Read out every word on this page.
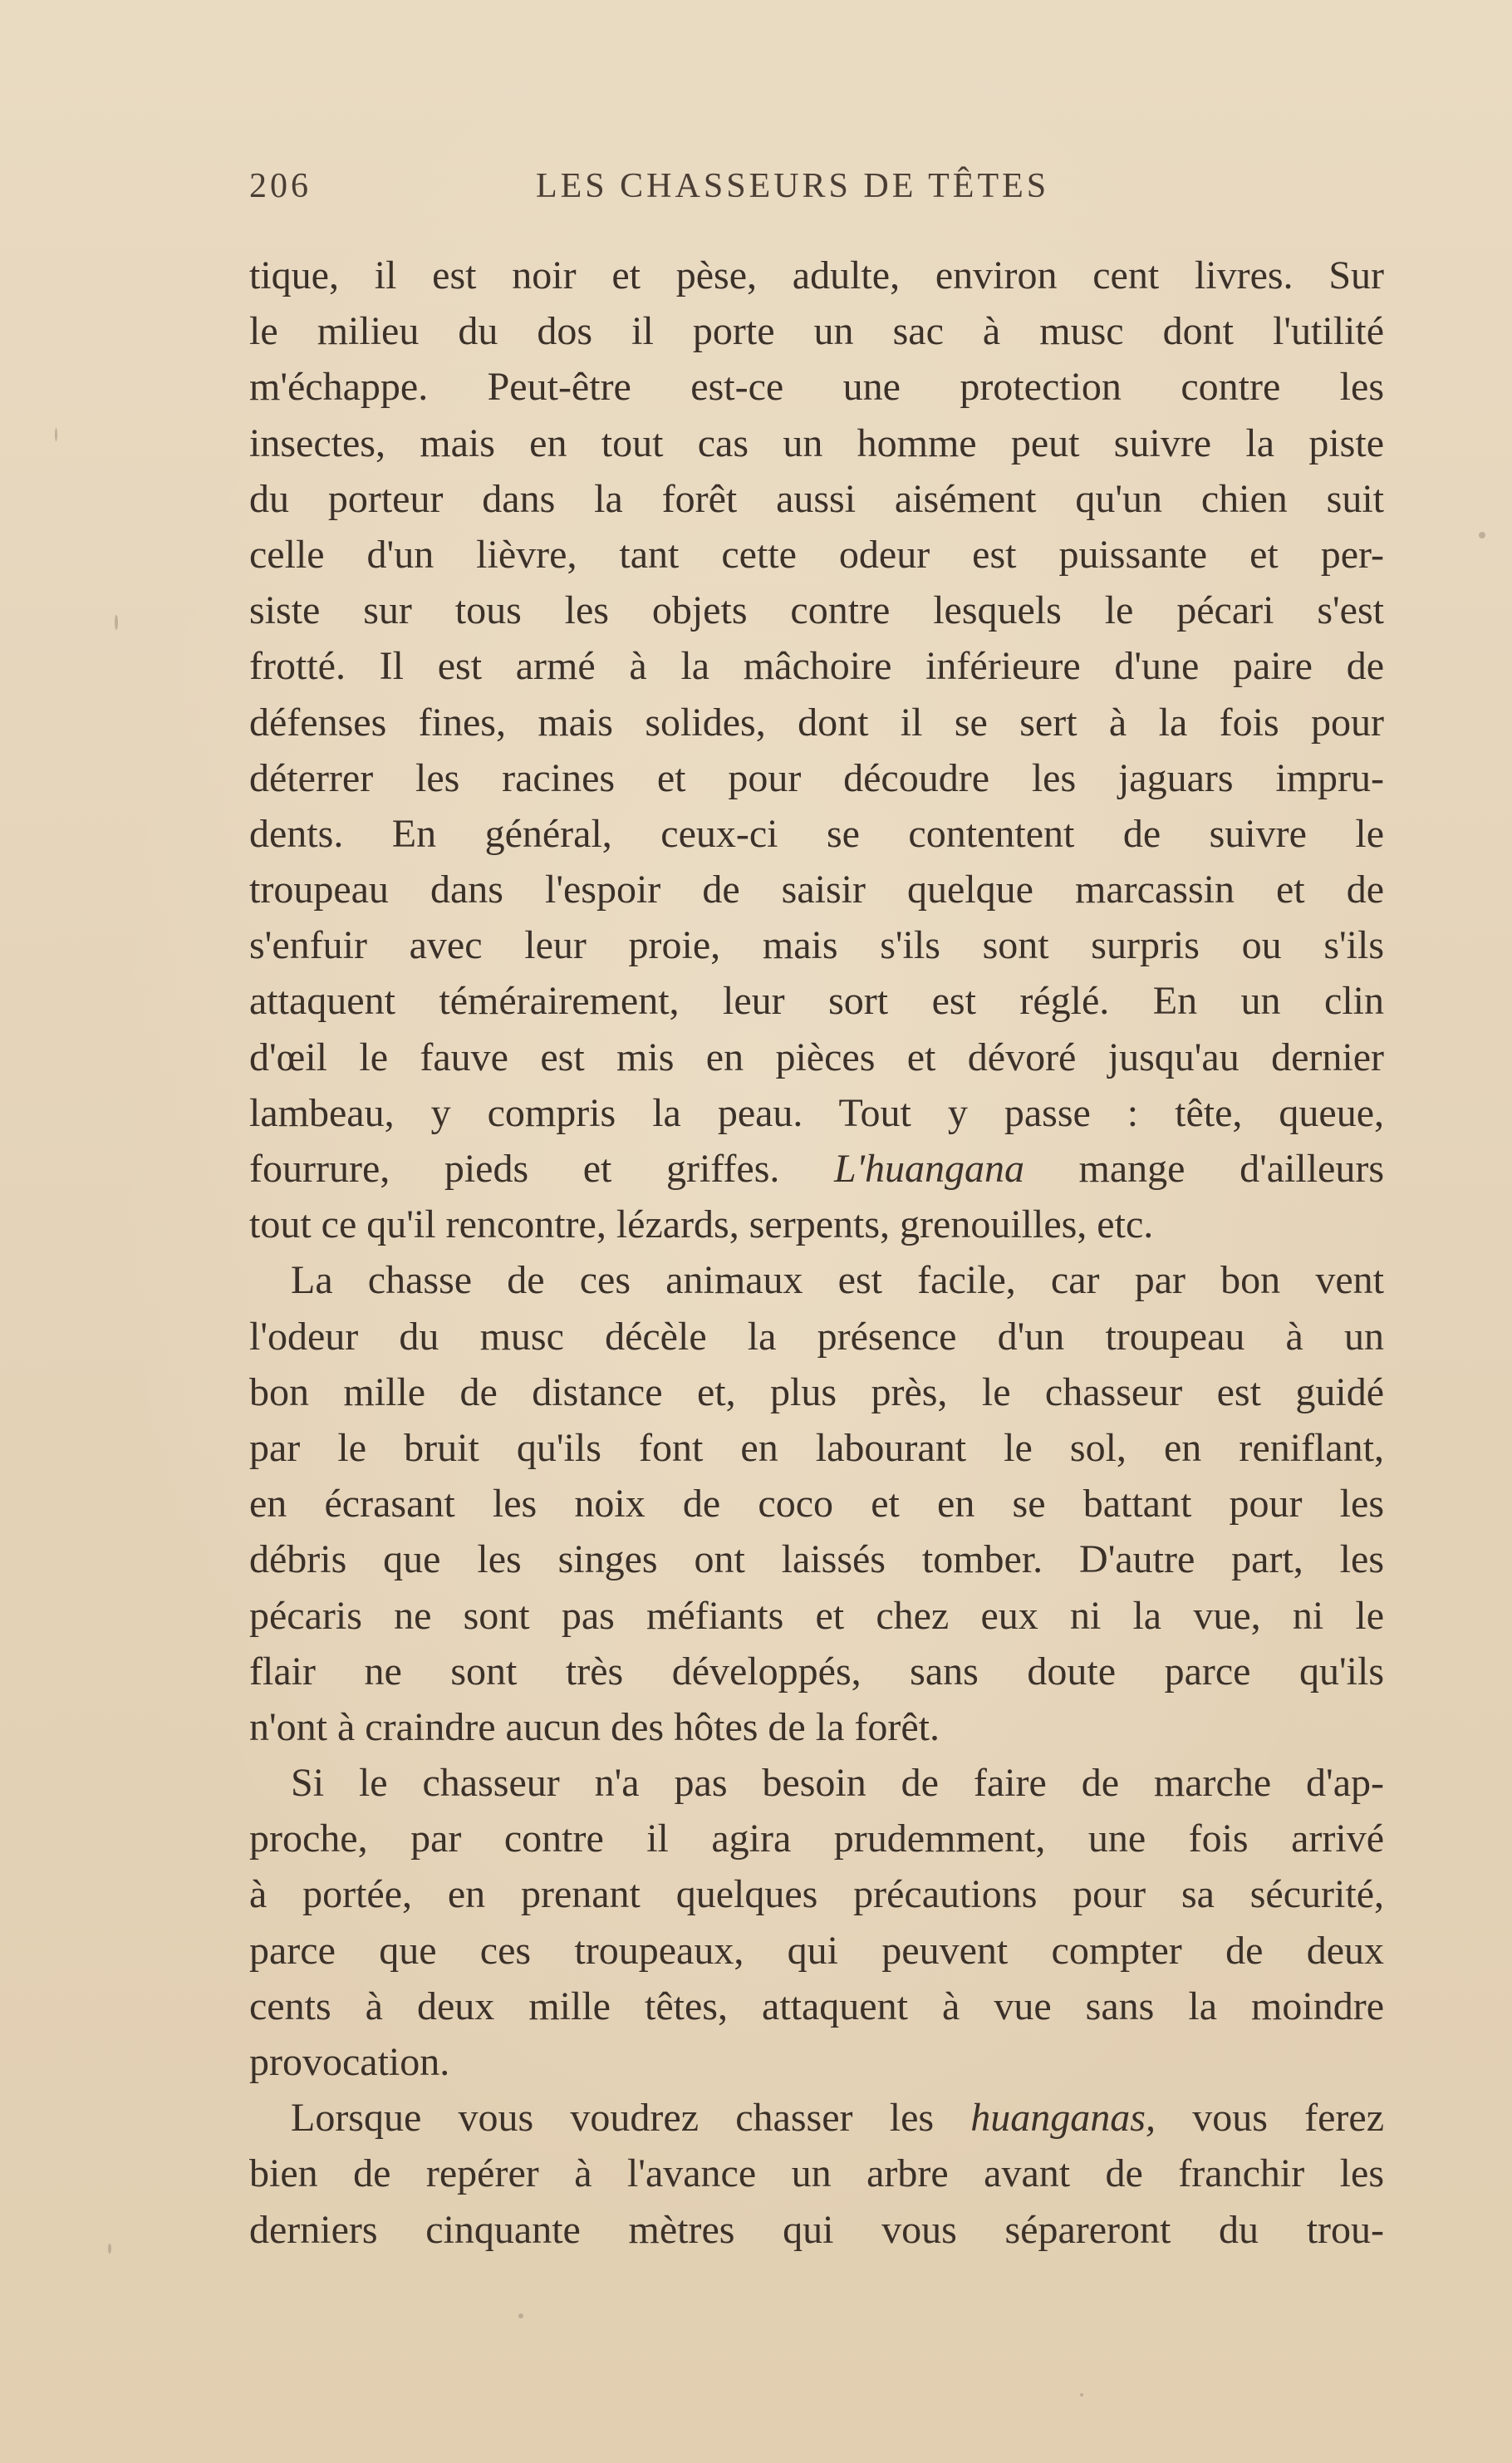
206	LES CHASSEURS DE TÊTES
tique, il est noir et pèse, adulte, environ cent livres. Sur
le milieu du dos il porte un sac à musc dont l'utilité
m'échappe. Peut-être est-ce une protection contre les
insectes, mais en tout cas un homme peut suivre la piste
du porteur dans la forêt aussi aisément qu'un chien suit
celle d'un lièvre, tant cette odeur est puissante et per-
siste sur tous les objets contre lesquels le pécari s'est
frotté. Il est armé à la mâchoire inférieure d'une paire de
défenses fines, mais solides, dont il se sert à la fois pour
déterrer les racines et pour découdre les jaguars impru-
dents. En général, ceux-ci se contentent de suivre le
troupeau dans l'espoir de saisir quelque marcassin et de
s'enfuir avec leur proie, mais s'ils sont surpris ou s'ils
attaquent témérairement, leur sort est réglé. En un clin
d'œil le fauve est mis en pièces et dévoré jusqu'au dernier
lambeau, y compris la peau. Tout y passe : tête, queue,
fourrure, pieds et griffes. L'huangana mange d'ailleurs
tout ce qu'il rencontre, lézards, serpents, grenouilles, etc.
La chasse de ces animaux est facile, car par bon vent
l'odeur du musc décèle la présence d'un troupeau à un
bon mille de distance et, plus près, le chasseur est guidé
par le bruit qu'ils font en labourant le sol, en reniflant,
en écrasant les noix de coco et en se battant pour les
débris que les singes ont laissés tomber. D'autre part, les
pécaris ne sont pas méfiants et chez eux ni la vue, ni le
flair ne sont très développés, sans doute parce qu'ils
n'ont à craindre aucun des hôtes de la forêt.
Si le chasseur n'a pas besoin de faire de marche d'ap-
proche, par contre il agira prudemment, une fois arrivé
à portée, en prenant quelques précautions pour sa sécurité,
parce que ces troupeaux, qui peuvent compter de deux
cents à deux mille têtes, attaquent à vue sans la moindre
provocation.
Lorsque vous voudrez chasser les huanganas, vous ferez
bien de repérer à l'avance un arbre avant de franchir les
derniers cinquante mètres qui vous sépareront du trou-
